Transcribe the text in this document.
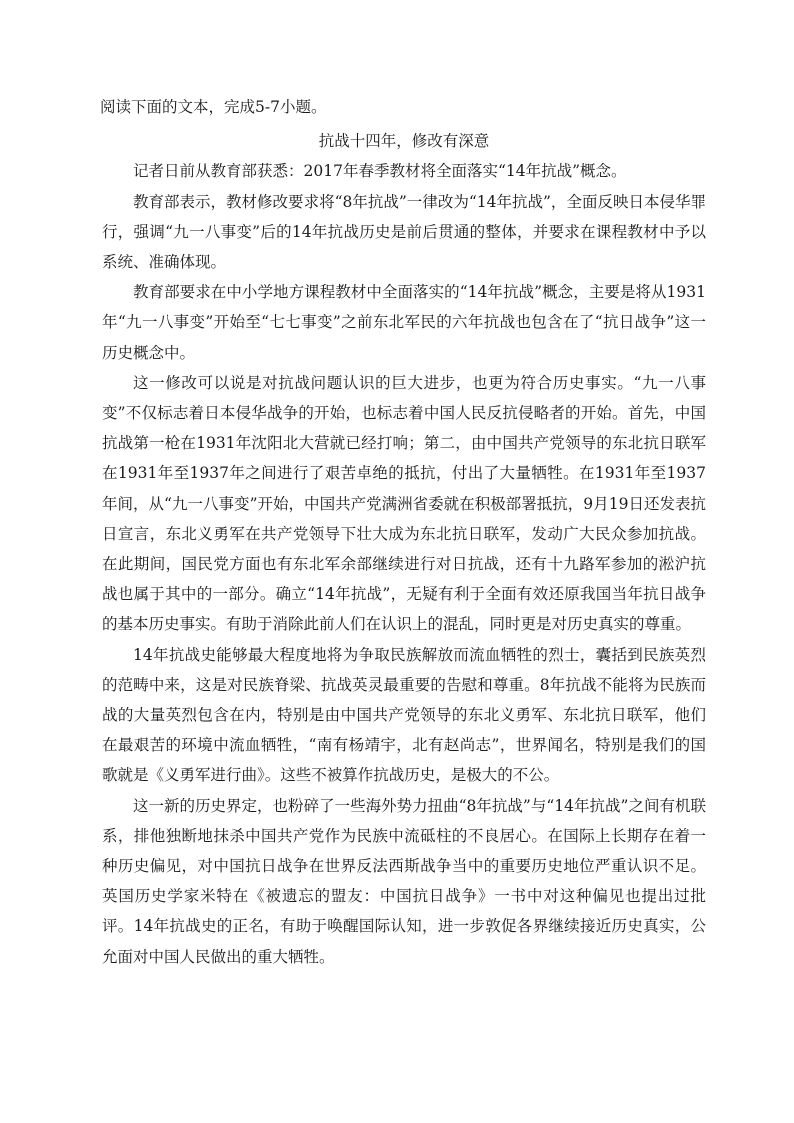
阅读下面的文本，完成5-7小题。

抗战十四年，修改有深意

记者日前从教育部获悉：2017年春季教材将全面落实“14年抗战”概念。

教育部表示，教材修改要求将“8年抗战”一律改为“14年抗战”，全面反映日本侵华罪行，强调“九一八事变”后的14年抗战历史是前后贯通的整体，并要求在课程教材中予以系统、准确体现。

教育部要求在中小学地方课程教材中全面落实的“14年抗战”概念，主要是将从1931年“九一八事变”开始至“七七事变”之前东北军民的六年抗战也包含在了“抗日战争”这一历史概念中。

这一修改可以说是对抗战问题认识的巨大进步，也更为符合历史事实。“九一八事变”不仅标志着日本侵华战争的开始，也标志着中国人民反抗侵略者的开始。首先，中国抗战第一枪在1931年沈阳北大营就已经打响；第二，由中国共产党领导的东北抗日联军在1931年至1937年之间进行了艰苦卓绝的抵抗，付出了大量牺牲。在1931年至1937年间，从“九一八事变”开始，中国共产党满洲省委就在积极部署抵抗，9月19日还发表抗日宣言，东北义勇军在共产党领导下壮大成为东北抗日联军，发动广大民众参加抗战。在此期间，国民党方面也有东北军余部继续进行对日抗战，还有十九路军参加的淞沪抗战也属于其中的一部分。确立“14年抗战”，无疑有利于全面有效还原我国当年抗日战争的基本历史事实。有助于消除此前人们在认识上的混乱，同时更是对历史真实的尊重。

14年抗战史能够最大程度地将为争取民族解放而流血牺牲的烈士，囊括到民族英烈的范畴中来，这是对民族脊梁、抗战英灵最重要的告慰和尊重。8年抗战不能将为民族而战的大量英烈包含在内，特别是由中国共产党领导的东北义勇军、东北抗日联军，他们在最艰苦的环境中流血牺牲，“南有杨靖宇，北有赵尚志”，世界闻名，特别是我们的国歌就是《义勇军进行曲》。这些不被算作抗战历史，是极大的不公。

这一新的历史界定，也粉碎了一些海外势力扭曲“8年抗战”与“14年抗战”之间有机联系，排他独断地抹杀中国共产党作为民族中流砥柱的不良居心。在国际上长期存在着一种历史偏见，对中国抗日战争在世界反法西斯战争当中的重要历史地位严重认识不足。英国历史学家米特在《被遗忘的盟友：中国抗日战争》一书中对这种偏见也提出过批评。14年抗战史的正名，有助于唤醒国际认知，进一步敦促各界继续接近历史真实，公允面对中国人民做出的重大牺牲。
